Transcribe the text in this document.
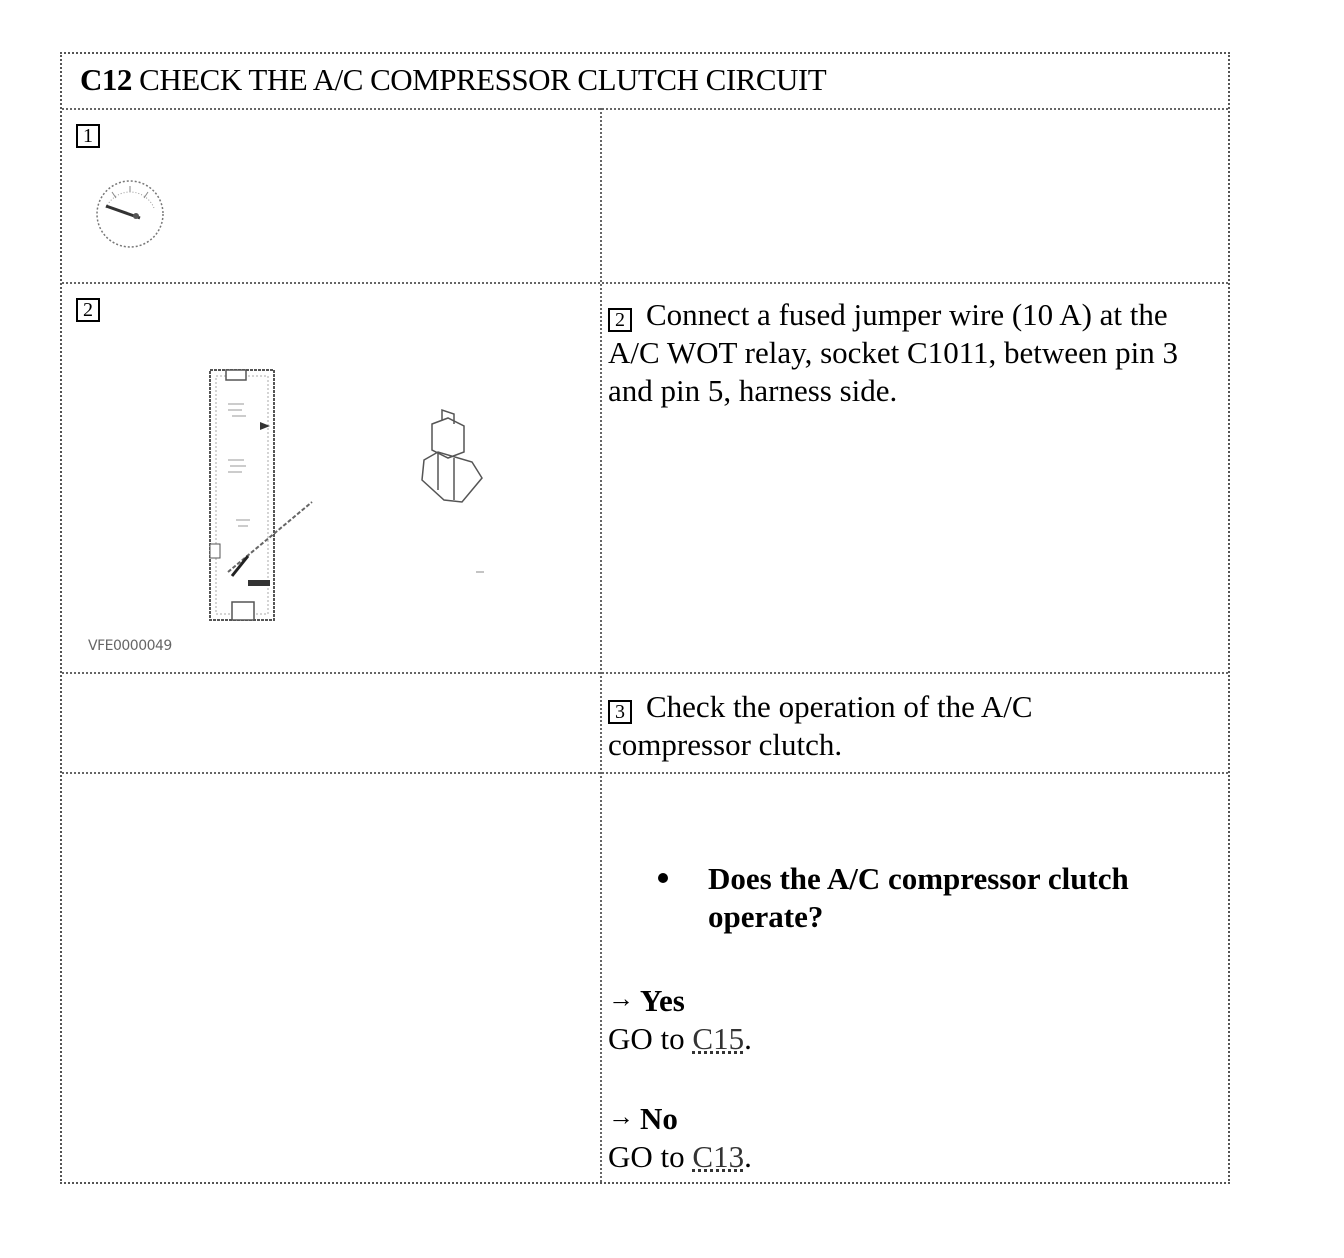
C12 CHECK THE A/C COMPRESSOR CLUTCH CIRCUIT
1
2
VFE0000049
2 Connect a fused jumper wire (10 A) at the A/C WOT relay, socket C1011, between pin 3 and pin 5, harness side.
3 Check the operation of the A/C compressor clutch.
Does the A/C compressor clutch operate?
→ Yes
GO to C15.
→ No
GO to C13.
